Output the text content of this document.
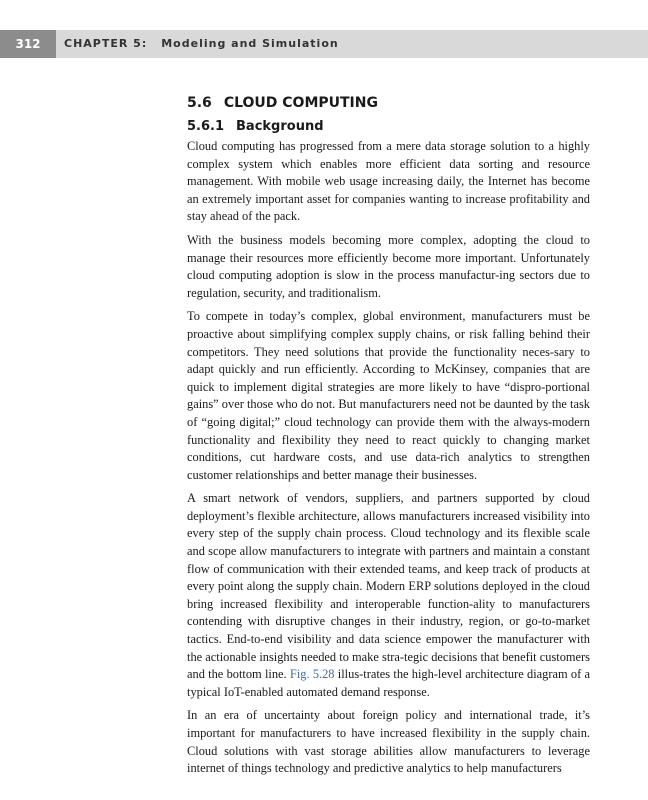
312	CHAPTER 5: Modeling and Simulation
5.6 CLOUD COMPUTING
5.6.1 Background

Cloud computing has progressed from a mere data storage solution to a highly complex system which enables more efficient data sorting and resource management. With mobile web usage increasing daily, the Internet has become an extremely important asset for companies wanting to increase profitability and stay ahead of the pack.

With the business models becoming more complex, adopting the cloud to manage their resources more efficiently become more important. Unfortunately cloud computing adoption is slow in the process manufactur-ing sectors due to regulation, security, and traditionalism.

To compete in today’s complex, global environment, manufacturers must be proactive about simplifying complex supply chains, or risk falling behind their competitors. They need solutions that provide the functionality neces-sary to adapt quickly and run efficiently. According to McKinsey, companies that are quick to implement digital strategies are more likely to have “dispro-portional gains” over those who do not. But manufacturers need not be daunted by the task of “going digital;” cloud technology can provide them with the always-modern functionality and flexibility they need to react quickly to changing market conditions, cut hardware costs, and use data-rich analytics to strengthen customer relationships and better manage their businesses.

A smart network of vendors, suppliers, and partners supported by cloud deployment’s flexible architecture, allows manufacturers increased visibility into every step of the supply chain process. Cloud technology and its flexible scale and scope allow manufacturers to integrate with partners and maintain a constant flow of communication with their extended teams, and keep track of products at every point along the supply chain. Modern ERP solutions deployed in the cloud bring increased flexibility and interoperable function-ality to manufacturers contending with disruptive changes in their industry, region, or go-to-market tactics. End-to-end visibility and data science empower the manufacturer with the actionable insights needed to make stra-tegic decisions that benefit customers and the bottom line. Fig. 5.28 illus-trates the high-level architecture diagram of a typical IoT-enabled automated demand response.

In an era of uncertainty about foreign policy and international trade, it’s important for manufacturers to have increased flexibility in the supply chain. Cloud solutions with vast storage abilities allow manufacturers to leverage internet of things technology and predictive analytics to help manufacturers
